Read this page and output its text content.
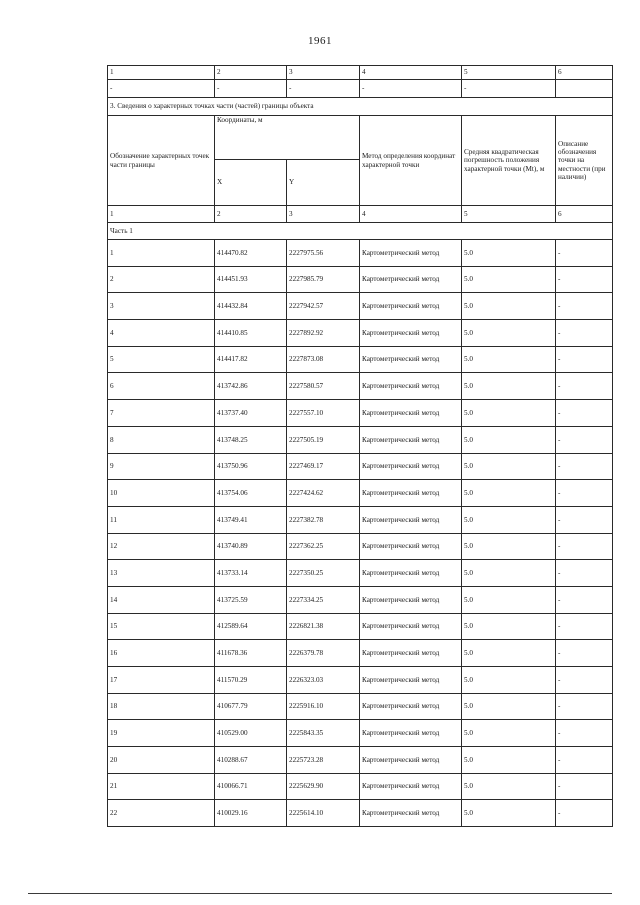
1961
1	2	3	4	5	6
-	-	-	-	-	
3. Сведения о характерных точках части (частей) границы объекта					
Обозначение характерных точек части границы	Координаты, м		Метод определения координат характерной точки	Средняя квадратическая погрешность положения характерной точки (Мt), м	Описание обозначения точки на местности (при наличии)
	X	Y			
1	2	3	4	5	6
Часть 1					
1	414470.82	2227975.56	Картометрический метод	5.0	-
2	414451.93	2227985.79	Картометрический метод	5.0	-
3	414432.84	2227942.57	Картометрический метод	5.0	-
4	414410.85	2227892.92	Картометрический метод	5.0	-
5	414417.82	2227873.08	Картометрический метод	5.0	-
6	413742.86	2227580.57	Картометрический метод	5.0	-
7	413737.40	2227557.10	Картометрический метод	5.0	-
8	413748.25	2227505.19	Картометрический метод	5.0	-
9	413750.96	2227469.17	Картометрический метод	5.0	-
10	413754.06	2227424.62	Картометрический метод	5.0	-
11	413749.41	2227382.78	Картометрический метод	5.0	-
12	413740.89	2227362.25	Картометрический метод	5.0	-
13	413733.14	2227350.25	Картометрический метод	5.0	-
14	413725.59	2227334.25	Картометрический метод	5.0	-
15	412589.64	2226821.38	Картометрический метод	5.0	-
16	411678.36	2226379.78	Картометрический метод	5.0	-
17	411570.29	2226323.03	Картометрический метод	5.0	-
18	410677.79	2225916.10	Картометрический метод	5.0	-
19	410529.00	2225843.35	Картометрический метод	5.0	-
20	410288.67	2225723.28	Картометрический метод	5.0	-
21	410066.71	2225629.90	Картометрический метод	5.0	-
22	410029.16	2225614.10	Картометрический метод	5.0	-
